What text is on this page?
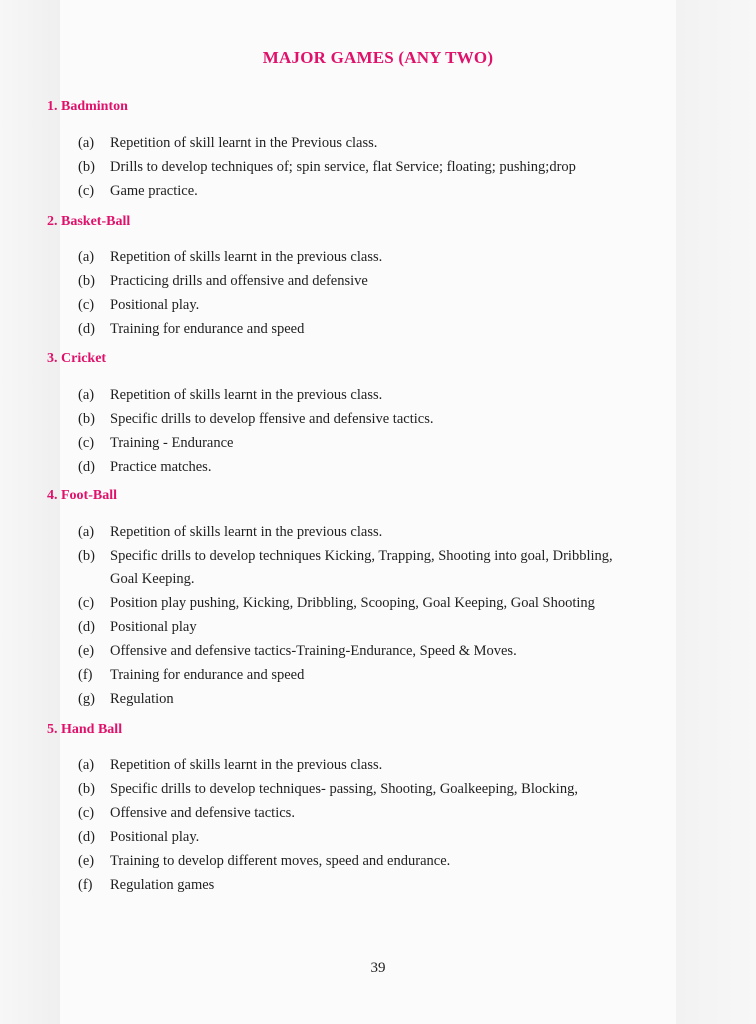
MAJOR GAMES (ANY TWO)
1. Badminton
(a) Repetition of skill learnt in the Previous class.
(b) Drills to develop techniques of; spin service, flat Service; floating; pushing;drop
(c) Game practice.
2. Basket-Ball
(a) Repetition of skills learnt in the previous class.
(b) Practicing drills and offensive and defensive
(c) Positional play.
(d) Training for endurance and speed
3. Cricket
(a) Repetition of skills learnt in the previous class.
(b) Specific drills to develop ffensive and defensive tactics.
(c) Training - Endurance
(d) Practice matches.
4. Foot-Ball
(a) Repetition of skills learnt in the previous class.
(b) Specific drills to develop techniques Kicking, Trapping, Shooting into goal, Dribbling,
Goal Keeping.
(c) Position play pushing, Kicking, Dribbling, Scooping, Goal Keeping, Goal Shooting
(d) Positional play
(e) Offensive and defensive tactics-Training-Endurance, Speed & Moves.
(f) Training for endurance and speed
(g) Regulation
5. Hand Ball
(a) Repetition of skills learnt in the previous class.
(b) Specific drills to develop techniques- passing, Shooting, Goalkeeping, Blocking,
(c) Offensive and defensive tactics.
(d) Positional play.
(e) Training to develop different moves, speed and endurance.
(f) Regulation games
39
